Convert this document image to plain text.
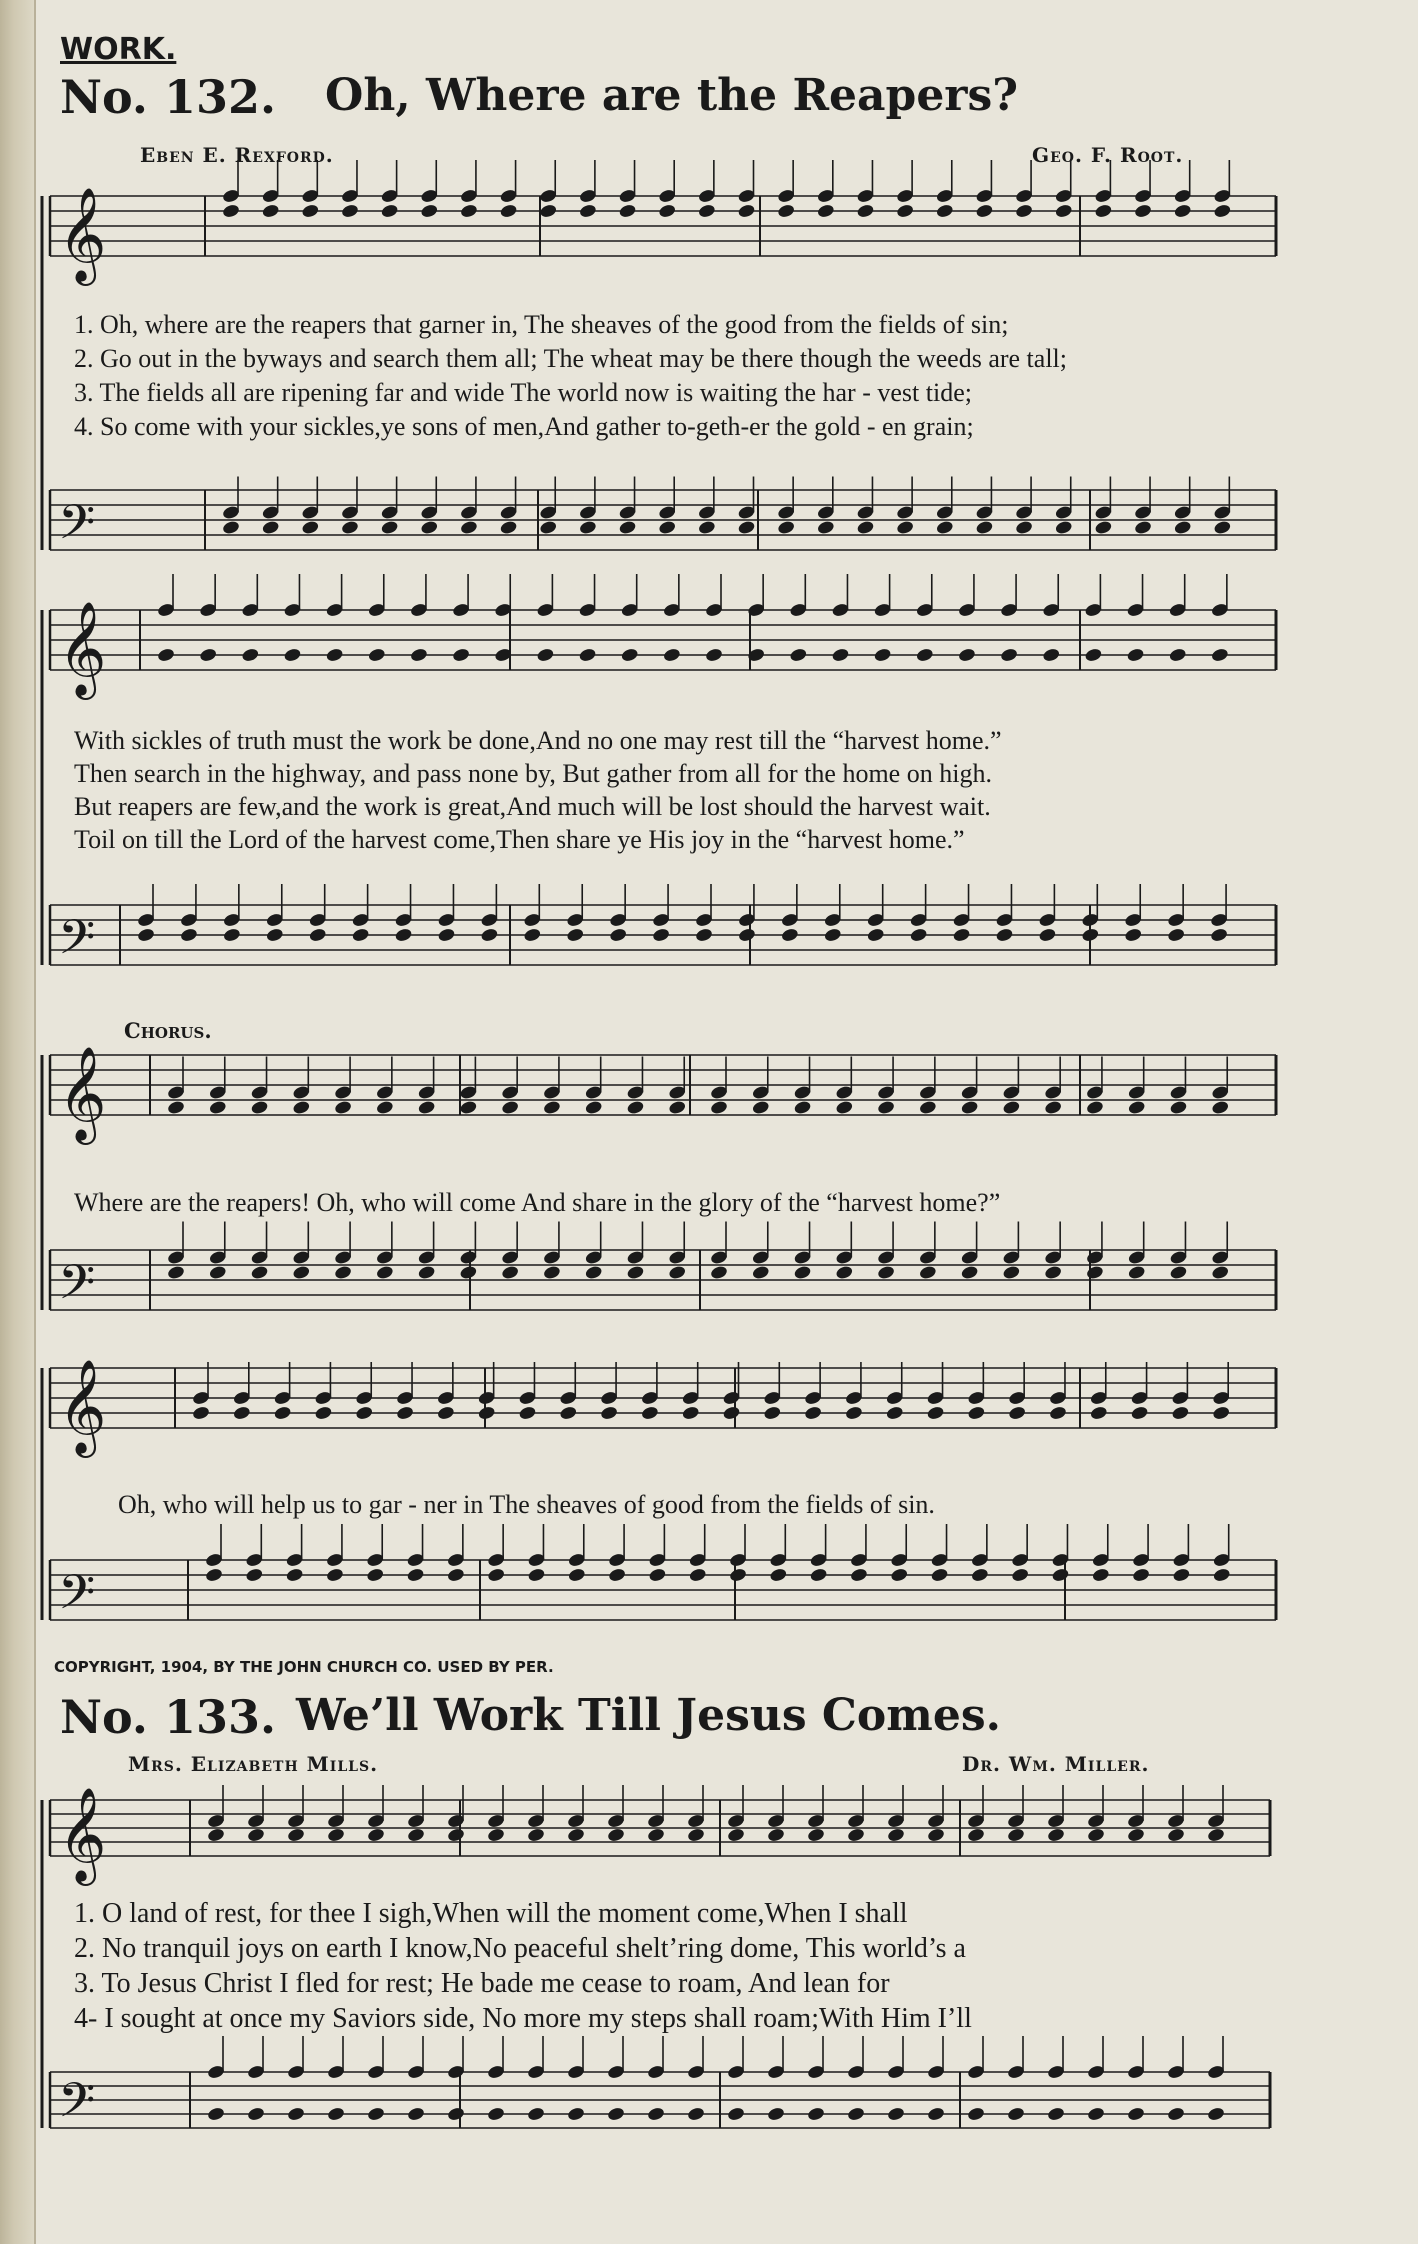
𝄞
𝄢
𝄞
𝄢
𝄞
𝄢
𝄞
𝄢
𝄞
𝄢
WORK.
No. 132. Oh, Where are the Reapers?
Eben E. Rexford.	Geo. F. Root.
1. Oh, where are the reapers that garner in, The sheaves of the good from the fields of sin;
2. Go out in the byways and search them all; The wheat may be there though the weeds are tall;
3. The fields all are ripening far and wide The world now is waiting the har - vest tide;
4. So come with your sickles,ye sons of men,And gather to-geth-er the gold - en grain;
With sickles of truth must the work be done,And no one may rest till the “harvest home.”
Then search in the highway, and pass none by, But gather from all for the home on high.
But reapers are few,and the work is great,And much will be lost should the harvest wait.
Toil on till the Lord of the harvest come,Then share ye His joy in the “harvest home.”
Chorus.
Where are the reapers! Oh, who will come And share in the glory of the “harvest home?”
Oh, who will help us to gar - ner in The sheaves of good from the fields of sin.
COPYRIGHT, 1904, BY THE JOHN CHURCH CO. USED BY PER.
No. 133. We’ll Work Till Jesus Comes.
Mrs. Elizabeth Mills.	Dr. Wm. Miller.
1. O land of rest, for thee I sigh,When will the moment come,When I shall
2. No tranquil joys on earth I know,No peaceful shelt’ring dome, This world’s a
3. To Jesus Christ I fled for rest; He bade me cease to roam, And lean for
4- I sought at once my Saviors side, No more my steps shall roam;With Him I’ll
